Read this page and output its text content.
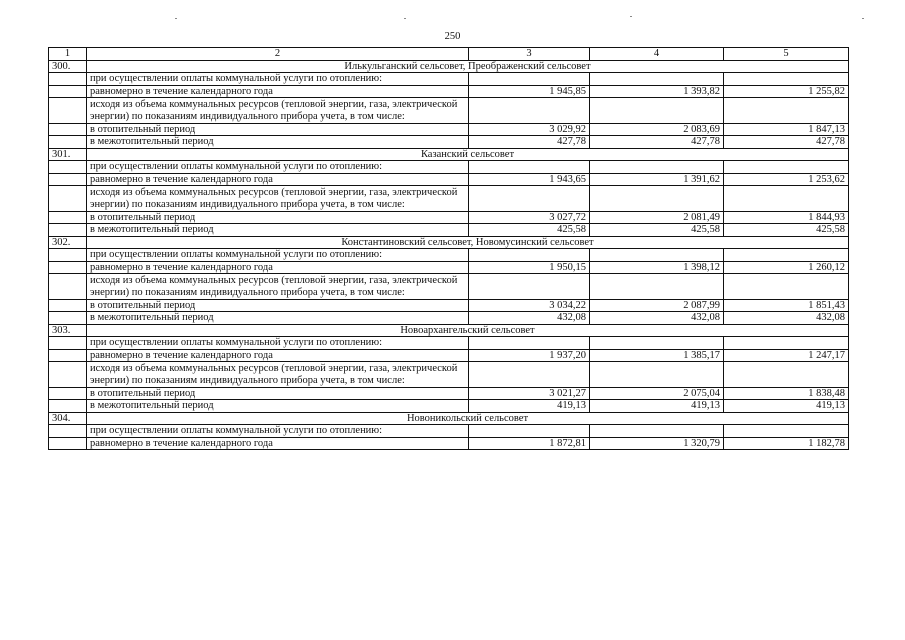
250
1	2	3	4	5
300.	Илькульганский сельсовет, Преображенский сельсовет			
	при осуществлении оплаты коммунальной услуги по отоплению:			
	равномерно в течение календарного года	1 945,85	1 393,82	1 255,82
	исходя из объема коммунальных ресурсов (тепловой энергии, газа, электрической энергии) по показаниям индивидуального прибора учета, в том числе:			
	в отопительный период	3 029,92	2 083,69	1 847,13
	в межотопительный период	427,78	427,78	427,78
301.	Казанский сельсовет			
	при осуществлении оплаты коммунальной услуги по отоплению:			
	равномерно в течение календарного года	1 943,65	1 391,62	1 253,62
	исходя из объема коммунальных ресурсов (тепловой энергии, газа, электрической энергии) по показаниям индивидуального прибора учета, в том числе:			
	в отопительный период	3 027,72	2 081,49	1 844,93
	в межотопительный период	425,58	425,58	425,58
302.	Константиновский сельсовет, Новомусинский сельсовет			
	при осуществлении оплаты коммунальной услуги по отоплению:			
	равномерно в течение календарного года	1 950,15	1 398,12	1 260,12
	исходя из объема коммунальных ресурсов (тепловой энергии, газа, электрической энергии) по показаниям индивидуального прибора учета, в том числе:			
	в отопительный период	3 034,22	2 087,99	1 851,43
	в межотопительный период	432,08	432,08	432,08
303.	Новоархангельский сельсовет			
	при осуществлении оплаты коммунальной услуги по отоплению:			
	равномерно в течение календарного года	1 937,20	1 385,17	1 247,17
	исходя из объема коммунальных ресурсов (тепловой энергии, газа, электрической энергии) по показаниям индивидуального прибора учета, в том числе:			
	в отопительный период	3 021,27	2 075,04	1 838,48
	в межотопительный период	419,13	419,13	419,13
304.	Новоникольский сельсовет			
	при осуществлении оплаты коммунальной услуги по отоплению:			
	равномерно в течение календарного года	1 872,81	1 320,79	1 182,78
